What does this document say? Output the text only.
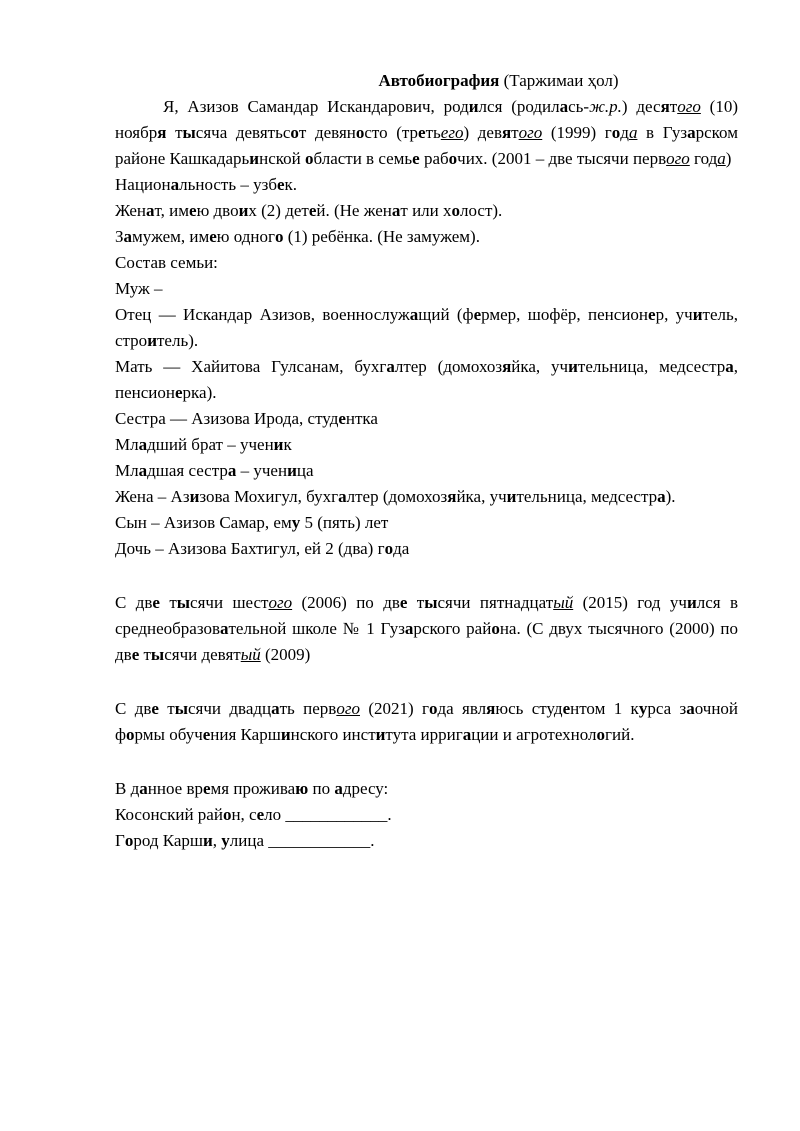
Автобиография (Таржимаи ҳол)

Я, Азизов Самандар Искандарович, родился (родилась-ж.р.) десятого (10) ноября тысяча девятьсот девяносто (третьего) девятого (1999) года в Гузарском районе Кашкадарьинской области в семье рабочих. (2001 – две тысячи первого года)

Национальность – узбек.

Женат, имею двоих (2) детей. (Не женат или холост).

Замужем, имею одного (1) ребёнка. (Не замужем).

Состав семьи:

Муж –

Отец — Искандар Азизов, военнослужащий (фермер, шофёр, пенсионер, учитель, строитель).

Мать — Хайитова Гулсанам, бухгалтер (домохозяйка, учительница, медсестра, пенсионерка).

Сестра — Азизова Ирода, студентка

Младший брат – ученик

Младшая сестра – ученица

Жена – Азизова Мохигул, бухгалтер (домохозяйка, учительница, медсестра).

Сын – Азизов Самар, ему 5 (пять) лет

Дочь – Азизова Бахтигул, ей 2 (два) года

С две тысячи шестого (2006) по две тысячи пятнадцатый (2015) год учился в среднеобразовательной школе № 1 Гузарского района. (С двух тысячного (2000) по две тысячи девятый (2009)

С две тысячи двадцать первого (2021) года являюсь студентом 1 курса заочной формы обучения Каршинского института ирригации и агротехнологий.

В данное время проживаю по адресу:

Косонский район, село ____________.

Город Карши, улица ____________.
